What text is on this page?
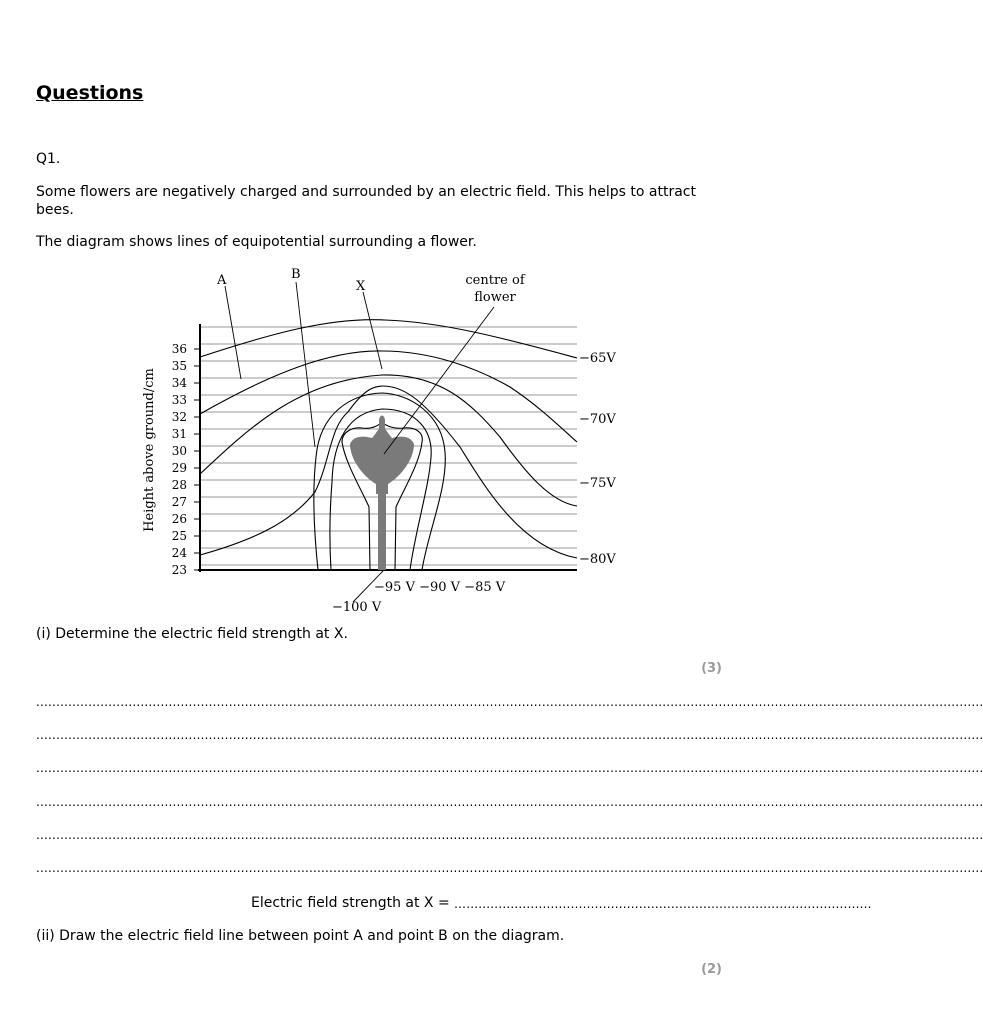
Questions
Q1.
Some flowers are negatively charged and surrounded by an electric field. This helps to attract bees.
The diagram shows lines of equipotential surrounding a flower.
23
24
25
26
27
28
29
30
31
32
33
34
35
36
Height above ground/cm
A	B
X	centre of
flower
−65V
−70V
−75V
−80V
−95 V −90 V −85 V
−100 V
(i) Determine the electric field strength at X.
(3)
............................................................................................................................................................................................................................................
............................................................................................................................................................................................................................................
............................................................................................................................................................................................................................................
............................................................................................................................................................................................................................................
............................................................................................................................................................................................................................................
............................................................................................................................................................................................................................................
Electric field strength at X = ........................................................................................................
(ii) Draw the electric field line between point A and point B on the diagram.
(2)
